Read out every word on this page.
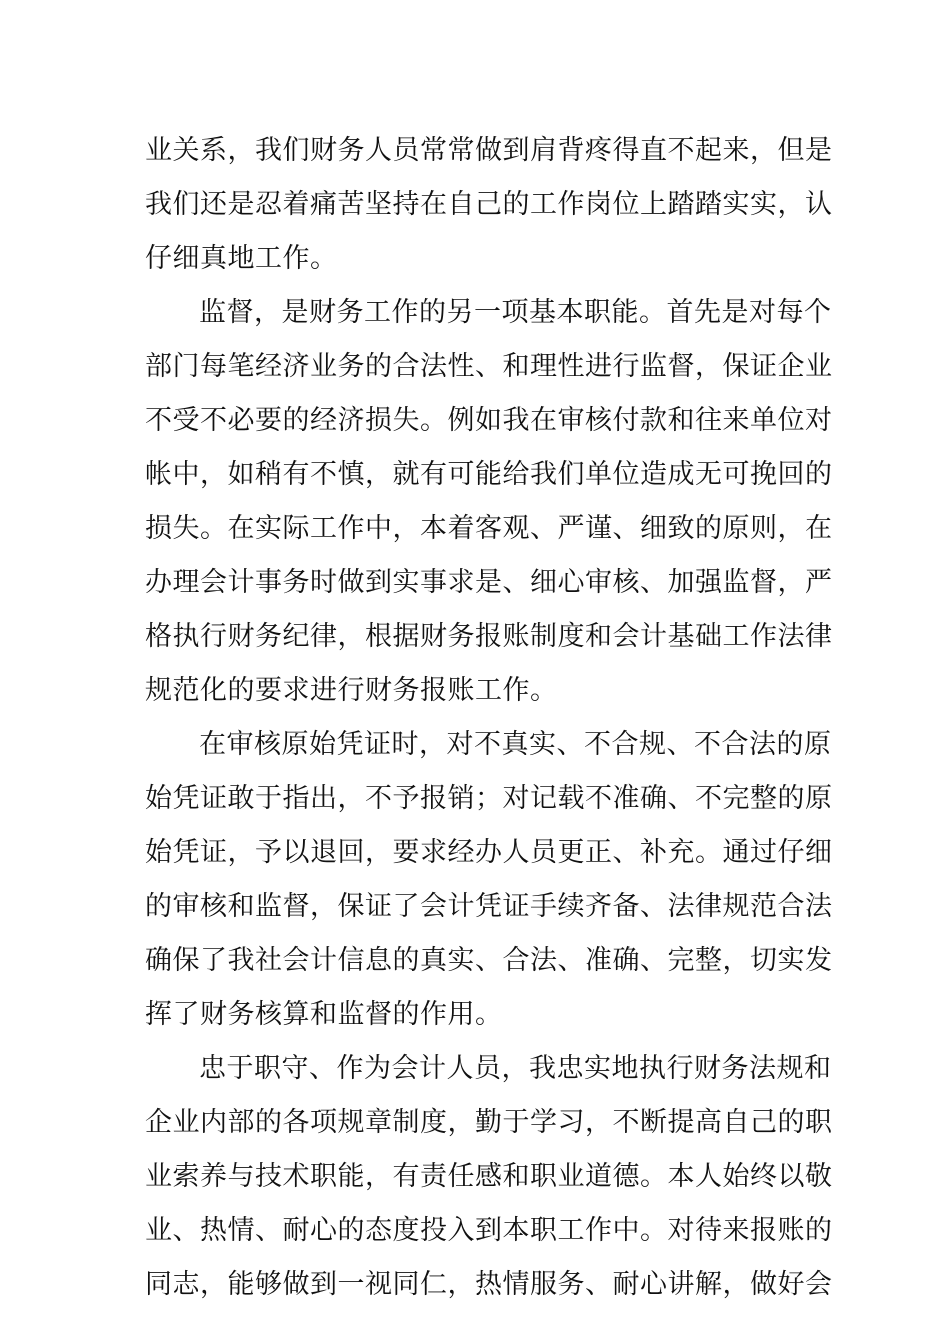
业关系，我们财务人员常常做到肩背疼得直不起来，但是
我们还是忍着痛苦坚持在自己的工作岗位上踏踏实实，认
仔细真地工作。
监督，是财务工作的另一项基本职能。首先是对每个
部门每笔经济业务的合法性、和理性进行监督，保证企业
不受不必要的经济损失。例如我在审核付款和往来单位对
帐中，如稍有不慎，就有可能给我们单位造成无可挽回的
损失。在实际工作中，本着客观、严谨、细致的原则，在
办理会计事务时做到实事求是、细心审核、加强监督，严
格执行财务纪律，根据财务报账制度和会计基础工作法律
规范化的要求进行财务报账工作。
在审核原始凭证时，对不真实、不合规、不合法的原
始凭证敢于指出，不予报销；对记载不准确、不完整的原
始凭证，予以退回，要求经办人员更正、补充。通过仔细
的审核和监督，保证了会计凭证手续齐备、法律规范合法
确保了我社会计信息的真实、合法、准确、完整，切实发
挥了财务核算和监督的作用。
忠于职守、作为会计人员，我忠实地执行财务法规和
企业内部的各项规章制度，勤于学习，不断提高自己的职
业索养与技术职能，有责任感和职业道德。本人始终以敬
业、热情、耐心的态度投入到本职工作中。对待来报账的
同志，能够做到一视同仁，热情服务、耐心讲解，做好会
